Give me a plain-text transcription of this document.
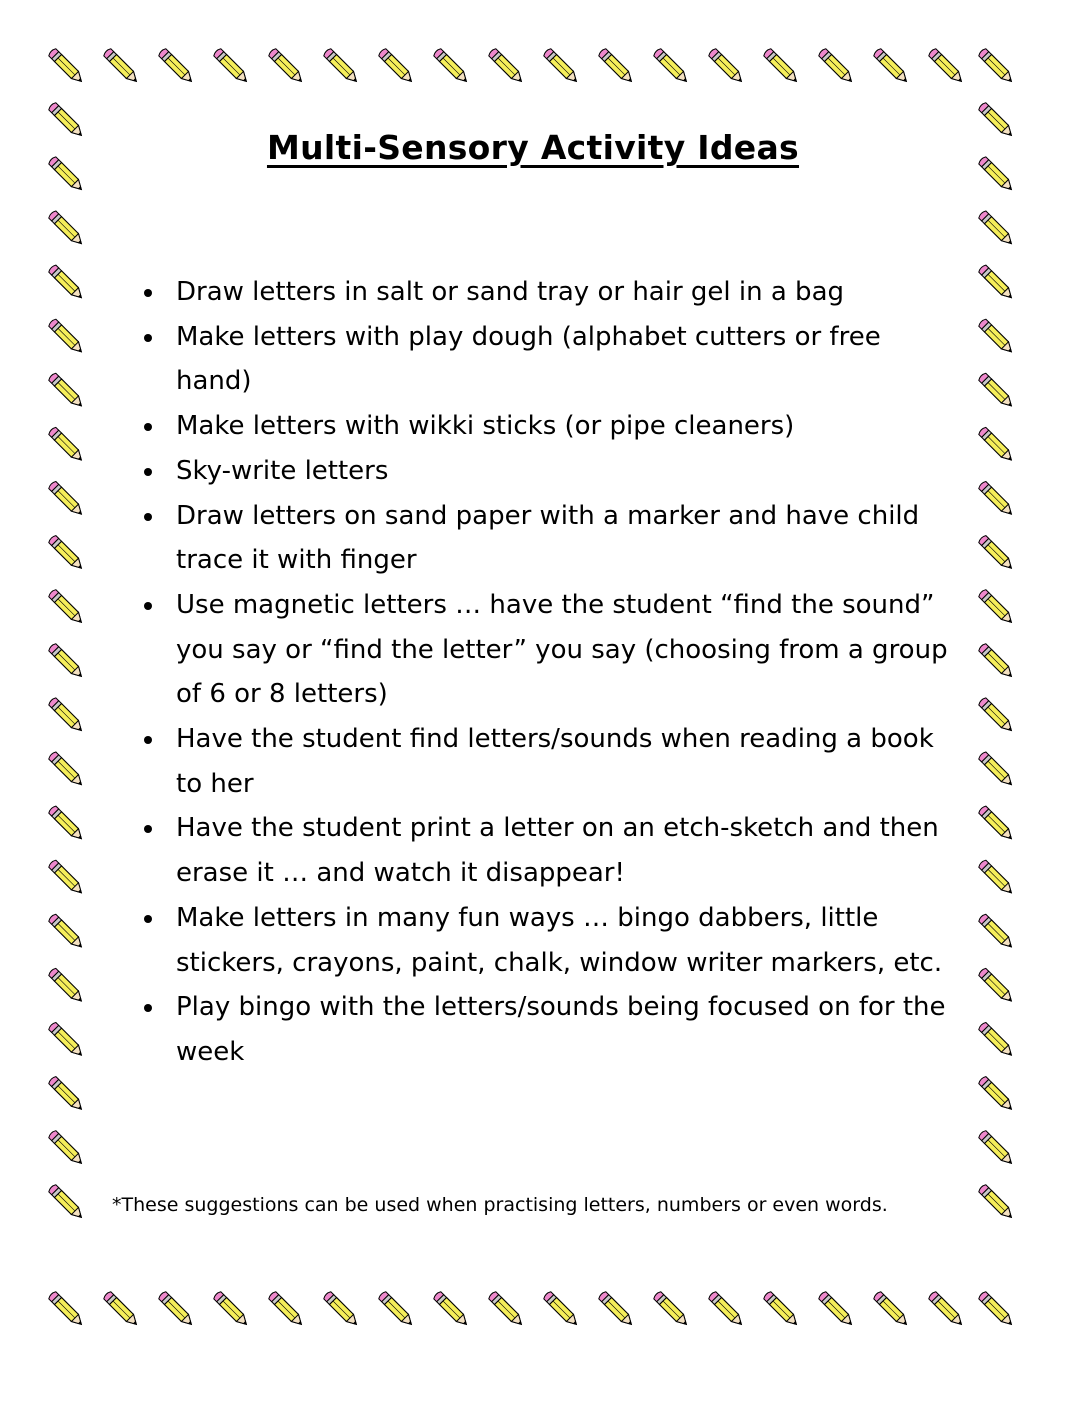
Multi-Sensory Activity Ideas
Draw letters in salt or sand tray or hair gel in a bag
Make letters with play dough (alphabet cutters or free hand)
Make letters with wikki sticks (or pipe cleaners)
Sky-write letters
Draw letters on sand paper with a marker and have child trace it with finger
Use magnetic letters … have the student “find the sound” you say or “find the letter” you say (choosing from a group of 6 or 8 letters)
Have the student find letters/sounds when reading a book to her
Have the student print a letter on an etch-sketch and then erase it … and watch it disappear!
Make letters in many fun ways … bingo dabbers, little stickers, crayons, paint, chalk, window writer markers, etc.
Play bingo with the letters/sounds being focused on for the week

*These suggestions can be used when practising letters, numbers or even words.
